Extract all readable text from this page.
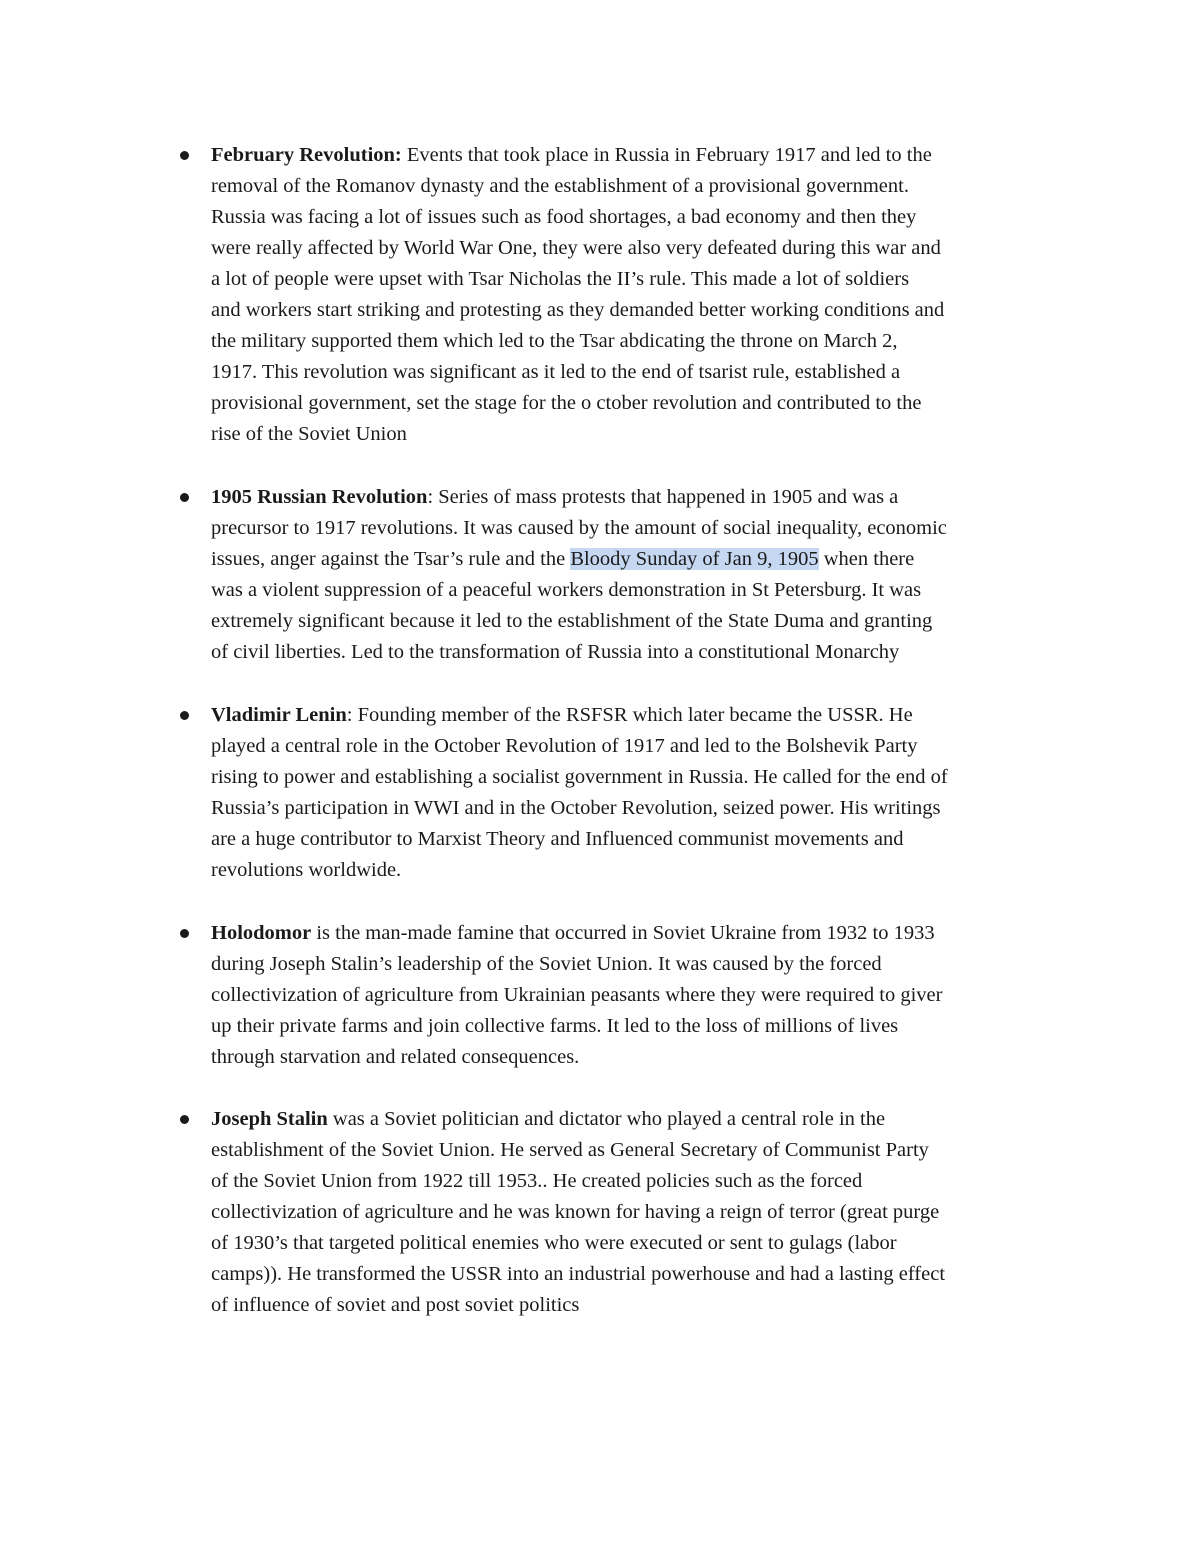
February Revolution: Events that took place in Russia in February 1917 and led to the
removal of the Romanov dynasty and the establishment of a provisional government.
Russia was facing a lot of issues such as food shortages, a bad economy and then they
were really affected by World War One, they were also very defeated during this war and
a lot of people were upset with Tsar Nicholas the II’s rule. This made a lot of soldiers
and workers start striking and protesting as they demanded better working conditions and
the military supported them which led to the Tsar abdicating the throne on March 2,
1917. This revolution was significant as it led to the end of tsarist rule, established a
provisional government, set the stage for the o ctober revolution and contributed to the
rise of the Soviet Union
1905 Russian Revolution: Series of mass protests that happened in 1905 and was a
precursor to 1917 revolutions. It was caused by the amount of social inequality, economic
issues, anger against the Tsar’s rule and the Bloody Sunday of Jan 9, 1905 when there
was a violent suppression of a peaceful workers demonstration in St Petersburg. It was
extremely significant because it led to the establishment of the State Duma and granting
of civil liberties. Led to the transformation of Russia into a constitutional Monarchy
Vladimir Lenin: Founding member of the RSFSR which later became the USSR. He
played a central role in the October Revolution of 1917 and led to the Bolshevik Party
rising to power and establishing a socialist government in Russia. He called for the end of
Russia’s participation in WWI and in the October Revolution, seized power. His writings
are a huge contributor to Marxist Theory and Influenced communist movements and
revolutions worldwide.
Holodomor is the man-made famine that occurred in Soviet Ukraine from 1932 to 1933
during Joseph Stalin’s leadership of the Soviet Union. It was caused by the forced
collectivization of agriculture from Ukrainian peasants where they were required to giver
up their private farms and join collective farms. It led to the loss of millions of lives
through starvation and related consequences.
Joseph Stalin was a Soviet politician and dictator who played a central role in the
establishment of the Soviet Union. He served as General Secretary of Communist Party
of the Soviet Union from 1922 till 1953.. He created policies such as the forced
collectivization of agriculture and he was known for having a reign of terror (great purge
of 1930’s that targeted political enemies who were executed or sent to gulags (labor
camps)). He transformed the USSR into an industrial powerhouse and had a lasting effect
of influence of soviet and post soviet politics
